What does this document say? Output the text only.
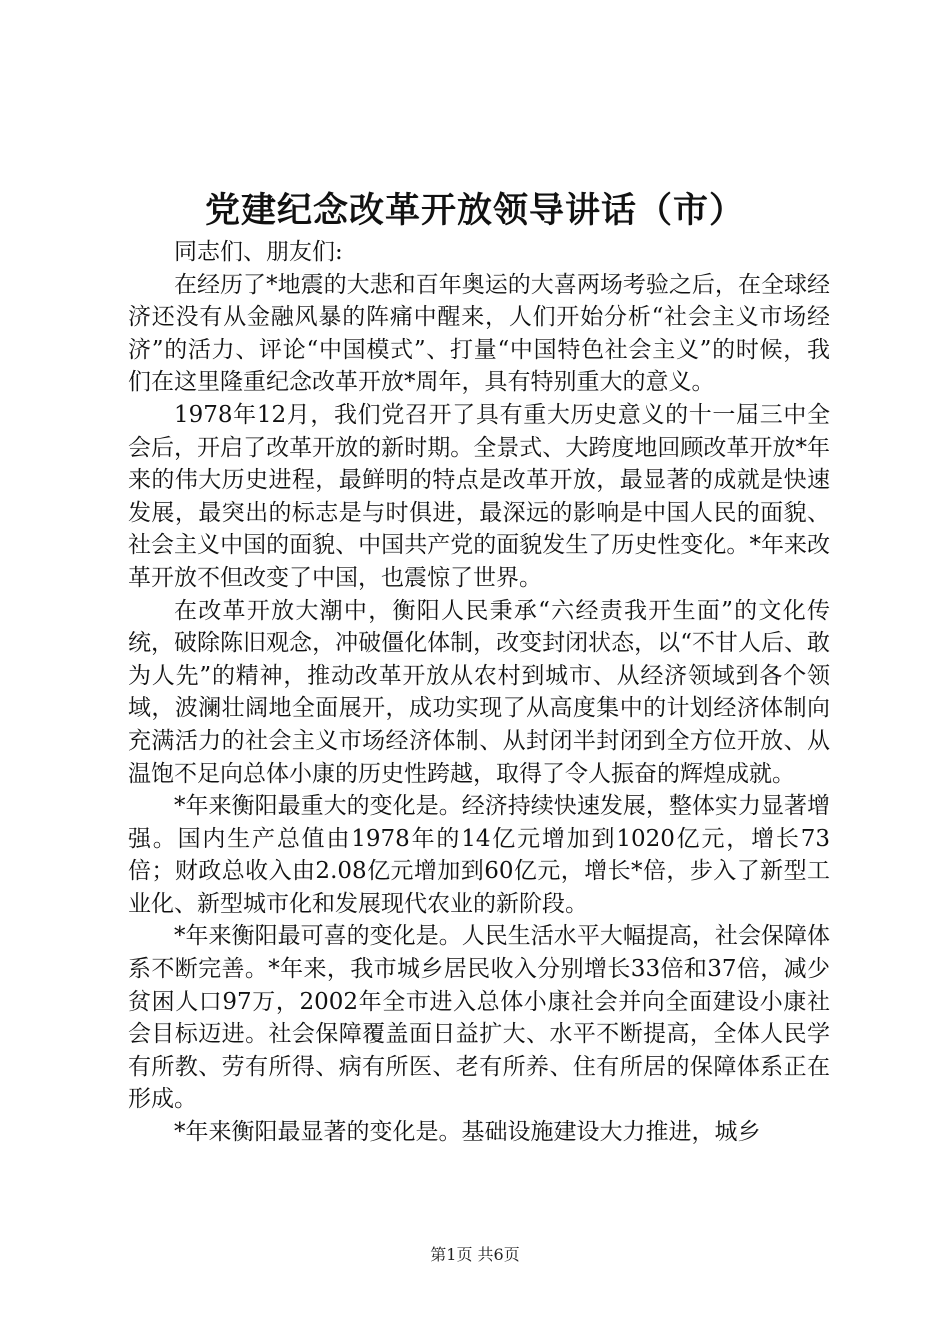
党建纪念改革开放领导讲话（市）

同志们、朋友们:

在经历了*地震的大悲和百年奥运的大喜两场考验之后，在全球经济还没有从金融风暴的阵痛中醒来，人们开始分析“社会主义市场经济”的活力、评论“中国模式”、打量“中国特色社会主义”的时候，我们在这里隆重纪念改革开放*周年，具有特别重大的意义。

1978年12月，我们党召开了具有重大历史意义的十一届三中全会后，开启了改革开放的新时期。全景式、大跨度地回顾改革开放*年来的伟大历史进程，最鲜明的特点是改革开放，最显著的成就是快速发展，最突出的标志是与时俱进，最深远的影响是中国人民的面貌、社会主义中国的面貌、中国共产党的面貌发生了历史性变化。*年来改革开放不但改变了中国，也震惊了世界。

在改革开放大潮中，衡阳人民秉承“六经责我开生面”的文化传统，破除陈旧观念，冲破僵化体制，改变封闭状态，以“不甘人后、敢为人先”的精神，推动改革开放从农村到城市、从经济领域到各个领域，波澜壮阔地全面展开，成功实现了从高度集中的计划经济体制向充满活力的社会主义市场经济体制、从封闭半封闭到全方位开放、从温饱不足向总体小康的历史性跨越，取得了令人振奋的辉煌成就。

*年来衡阳最重大的变化是。经济持续快速发展，整体实力显著增强。国内生产总值由1978年的14亿元增加到1020亿元，增长73倍；财政总收入由2.08亿元增加到60亿元，增长*倍，步入了新型工业化、新型城市化和发展现代农业的新阶段。

*年来衡阳最可喜的变化是。人民生活水平大幅提高，社会保障体系不断完善。*年来，我市城乡居民收入分别增长33倍和37倍，减少贫困人口97万，2002年全市进入总体小康社会并向全面建设小康社会目标迈进。社会保障覆盖面日益扩大、水平不断提高，全体人民学有所教、劳有所得、病有所医、老有所养、住有所居的保障体系正在形成。

*年来衡阳最显著的变化是。基础设施建设大力推进，城乡

第1页 共6页
